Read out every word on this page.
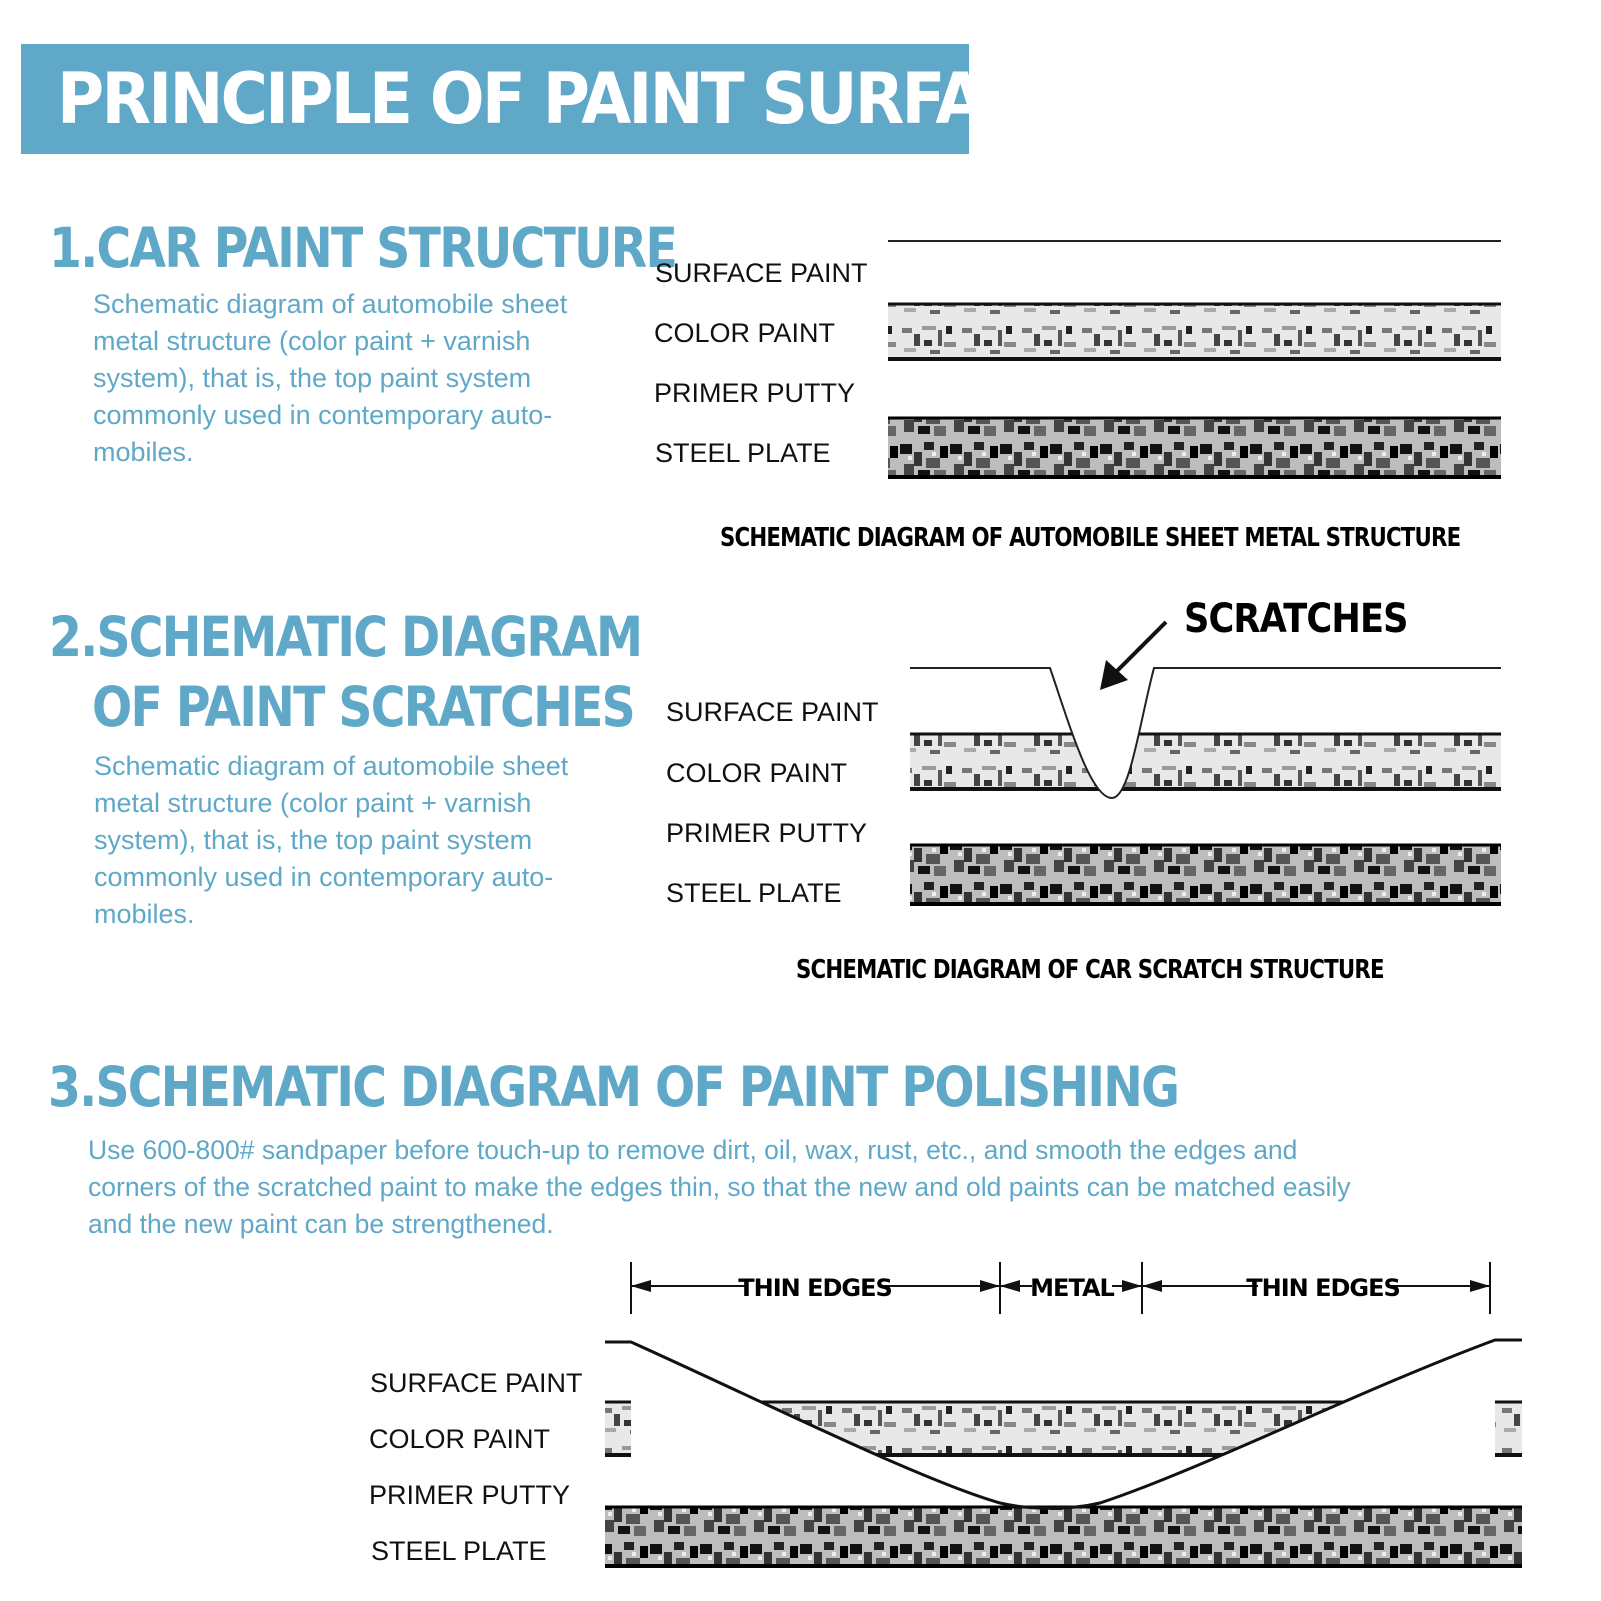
PRINCIPLE OF PAINT SURFACE
1.CAR PAINT STRUCTURE
Schematic diagram of automobile sheet
metal structure (color paint + varnish
system), that is, the top paint system
commonly used in contemporary auto-
mobiles.
SURFACE PAINT
COLOR PAINT
PRIMER PUTTY
STEEL PLATE
THIN EDGES	METAL	THIN EDGES
SCHEMATIC DIAGRAM OF AUTOMOBILE SHEET METAL STRUCTURE
2.SCHEMATIC DIAGRAM
OF PAINT SCRATCHES
Schematic diagram of automobile sheet
metal structure (color paint + varnish
system), that is, the top paint system
commonly used in contemporary auto-
mobiles.
SURFACE PAINT
COLOR PAINT
PRIMER PUTTY
STEEL PLATE
SCRATCHES
SCHEMATIC DIAGRAM OF CAR SCRATCH STRUCTURE
3.SCHEMATIC DIAGRAM OF PAINT POLISHING
Use 600-800# sandpaper before touch-up to remove dirt, oil, wax, rust, etc., and smooth the edges and
corners of the scratched paint to make the edges thin, so that the new and old paints can be matched easily
and the new paint can be strengthened.
SURFACE PAINT
COLOR PAINT
PRIMER PUTTY
STEEL PLATE
